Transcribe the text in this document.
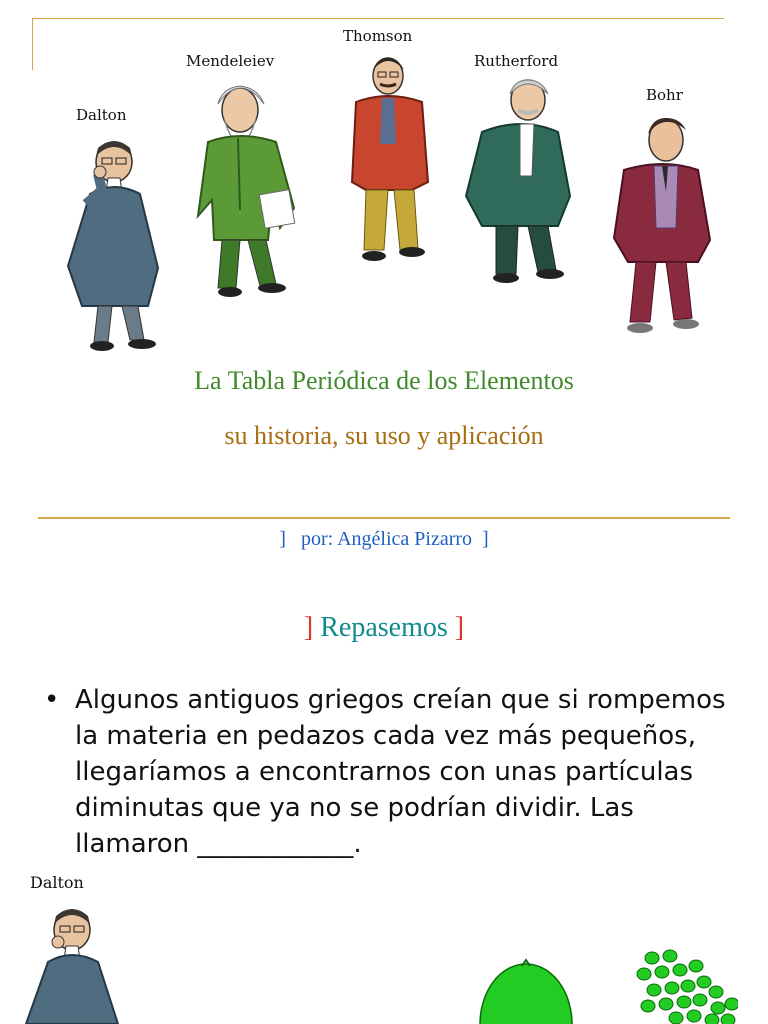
Dalton
Mendeleiev
Thomson
Rutherford
Bohr
La Tabla Periódica de los Elementos
su historia, su uso y aplicación
] por: Angélica Pizarro ]
] Repasemos ]
• Algunos antiguos griegos creían que si rompemos la materia en pedazos cada vez más pequeños, llegaríamos a encontrarnos con unas partículas diminutas que ya no se podrían dividir. Las llamaron ____________.
Dalton
